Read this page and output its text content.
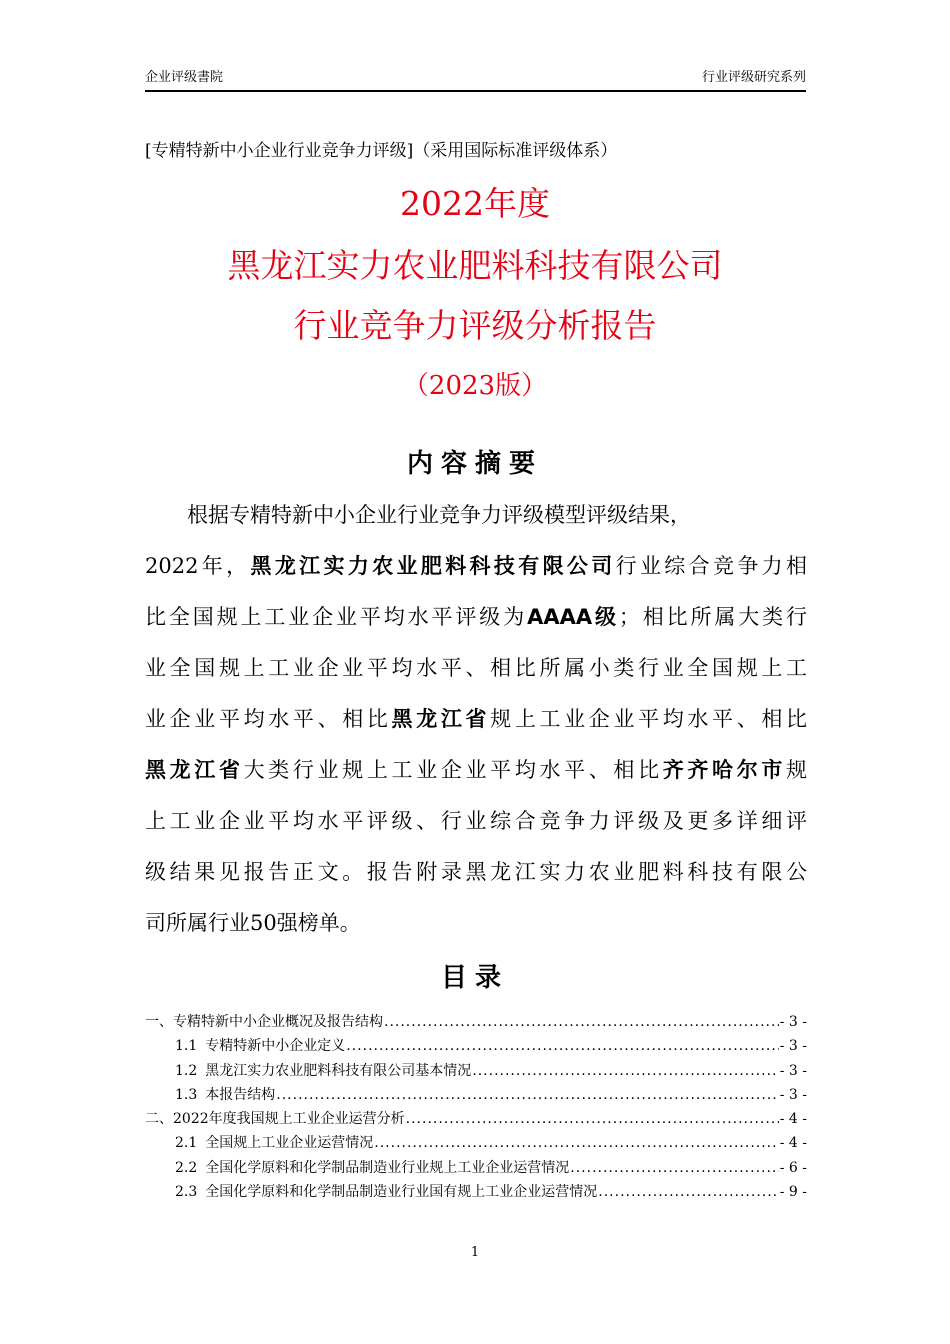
企业评级書院	行业评级研究系列
[专精特新中小企业行业竞争力评级]（采用国际标准评级体系）
2022年度
黑龙江实力农业肥料科技有限公司
行业竞争力评级分析报告
（2023版）
内容摘要
　　根据专精特新中小企业行业竞争力评级模型评级结果，
2022年，黑龙江实力农业肥料科技有限公司行业综合竞争力相
比全国规上工业企业平均水平评级为AAAA级；相比所属大类行
业全国规上工业企业平均水平、相比所属小类行业全国规上工
业企业平均水平、相比黑龙江省规上工业企业平均水平、相比
黑龙江省大类行业规上工业企业平均水平、相比齐齐哈尔市规
上工业企业平均水平评级、行业综合竞争力评级及更多详细评
级结果见报告正文。报告附录黑龙江实力农业肥料科技有限公
司所属行业50强榜单。
目录
一、 专精特新中小企业概况及报告结构 .....	- 3 -
1.1 专精特新中小企业定义 .....	- 3 -
1.2 黑龙江实力农业肥料科技有限公司基本情况 .....	- 3 -
1.3 本报告结构 .....	- 3 -
二、 2022年度我国规上工业企业运营分析 .....	- 4 -
2.1 全国规上工业企业运营情况 .....	- 4 -
2.2 全国化学原料和化学制品制造业行业规上工业企业运营情况 .....	- 6 -
2.3 全国化学原料和化学制品制造业行业国有规上工业企业运营情况 .....	- 9 -
1
